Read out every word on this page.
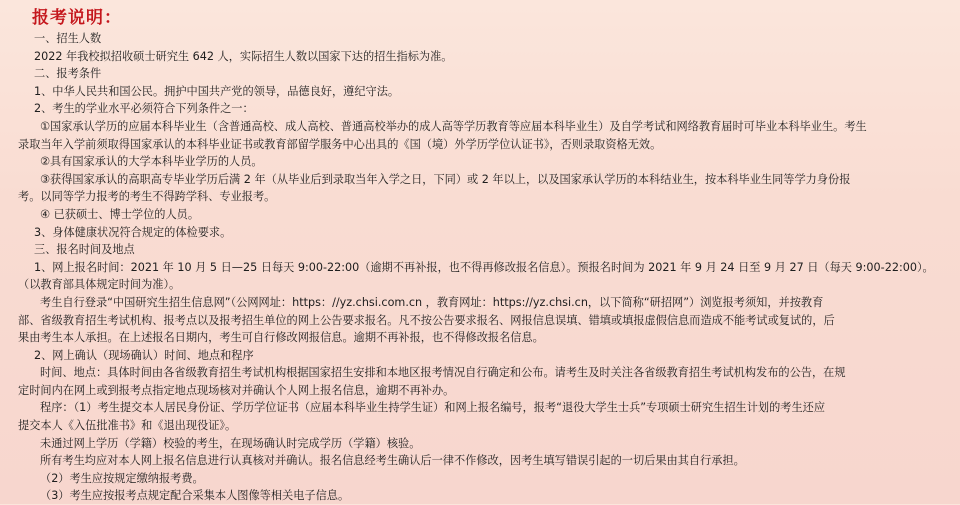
报考说明：
一、招生人数
2022 年我校拟招收硕士研究生 642 人，实际招生人数以国家下达的招生指标为准。
二、报考条件
1、中华人民共和国公民。拥护中国共产党的领导，品德良好，遵纪守法。
2、考生的学业水平必须符合下列条件之一：
①国家承认学历的应届本科毕业生（含普通高校、成人高校、普通高校举办的成人高等学历教育等应届本科毕业生）及自学考试和网络教育届时可毕业本科毕业生。考生
录取当年入学前须取得国家承认的本科毕业证书或教育部留学服务中心出具的《国（境）外学历学位认证书》，否则录取资格无效。
②具有国家承认的大学本科毕业学历的人员。
③获得国家承认的高职高专毕业学历后满 2 年（从毕业后到录取当年入学之日，下同）或 2 年以上，以及国家承认学历的本科结业生，按本科毕业生同等学力身份报
考。以同等学力报考的考生不得跨学科、专业报考。
④ 已获硕士、博士学位的人员。
3、身体健康状况符合规定的体检要求。
三、报名时间及地点
1、网上报名时间：2021 年 10 月 5 日—25 日每天 9:00-22:00（逾期不再补报，也不得再修改报名信息）。预报名时间为 2021 年 9 月 24 日至 9 月 27 日（每天 9:00-22:00）。
（以教育部具体规定时间为准）。
考生自行登录“中国研究生招生信息网”（公网网址：https：//yz.chsi.com.cn ，教育网址：https://yz.chsi.cn，以下简称“研招网”）浏览报考须知，并按教育
部、省级教育招生考试机构、报考点以及报考招生单位的网上公告要求报名。凡不按公告要求报名、网报信息误填、错填或填报虚假信息而造成不能考试或复试的，后
果由考生本人承担。在上述报名日期内，考生可自行修改网报信息。逾期不再补报，也不得修改报名信息。
2、网上确认（现场确认）时间、地点和程序
时间、地点：具体时间由各省级教育招生考试机构根据国家招生安排和本地区报考情况自行确定和公布。请考生及时关注各省级教育招生考试机构发布的公告，在规
定时间内在网上或到报考点指定地点现场核对并确认个人网上报名信息，逾期不再补办。
程序：（1）考生提交本人居民身份证、学历学位证书（应届本科毕业生持学生证）和网上报名编号，报考“退役大学生士兵”专项硕士研究生招生计划的考生还应
提交本人《入伍批准书》和《退出现役证》。
未通过网上学历（学籍）校验的考生，在现场确认时完成学历（学籍）核验。
所有考生均应对本人网上报名信息进行认真核对并确认。报名信息经考生确认后一律不作修改，因考生填写错误引起的一切后果由其自行承担。
（2）考生应按规定缴纳报考费。
（3）考生应按报考点规定配合采集本人图像等相关电子信息。
